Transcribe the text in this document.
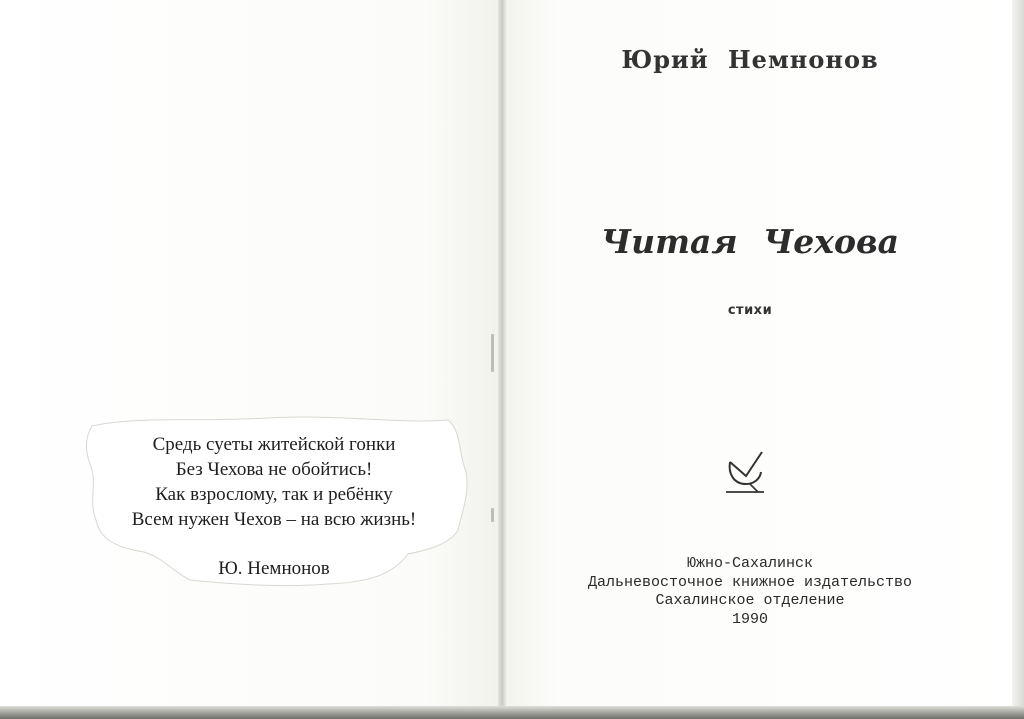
Средь суеты житейской гонки
Без Чехова не обойтись!
Как взрослому, так и ребёнку
Всем нужен Чехов – на всю жизнь!
Ю. Немнонов
Юрий Немнонов
Читая Чехова
стихи
Южно-Сахалинск
Дальневосточное книжное издательство
Сахалинское отделение
1990
